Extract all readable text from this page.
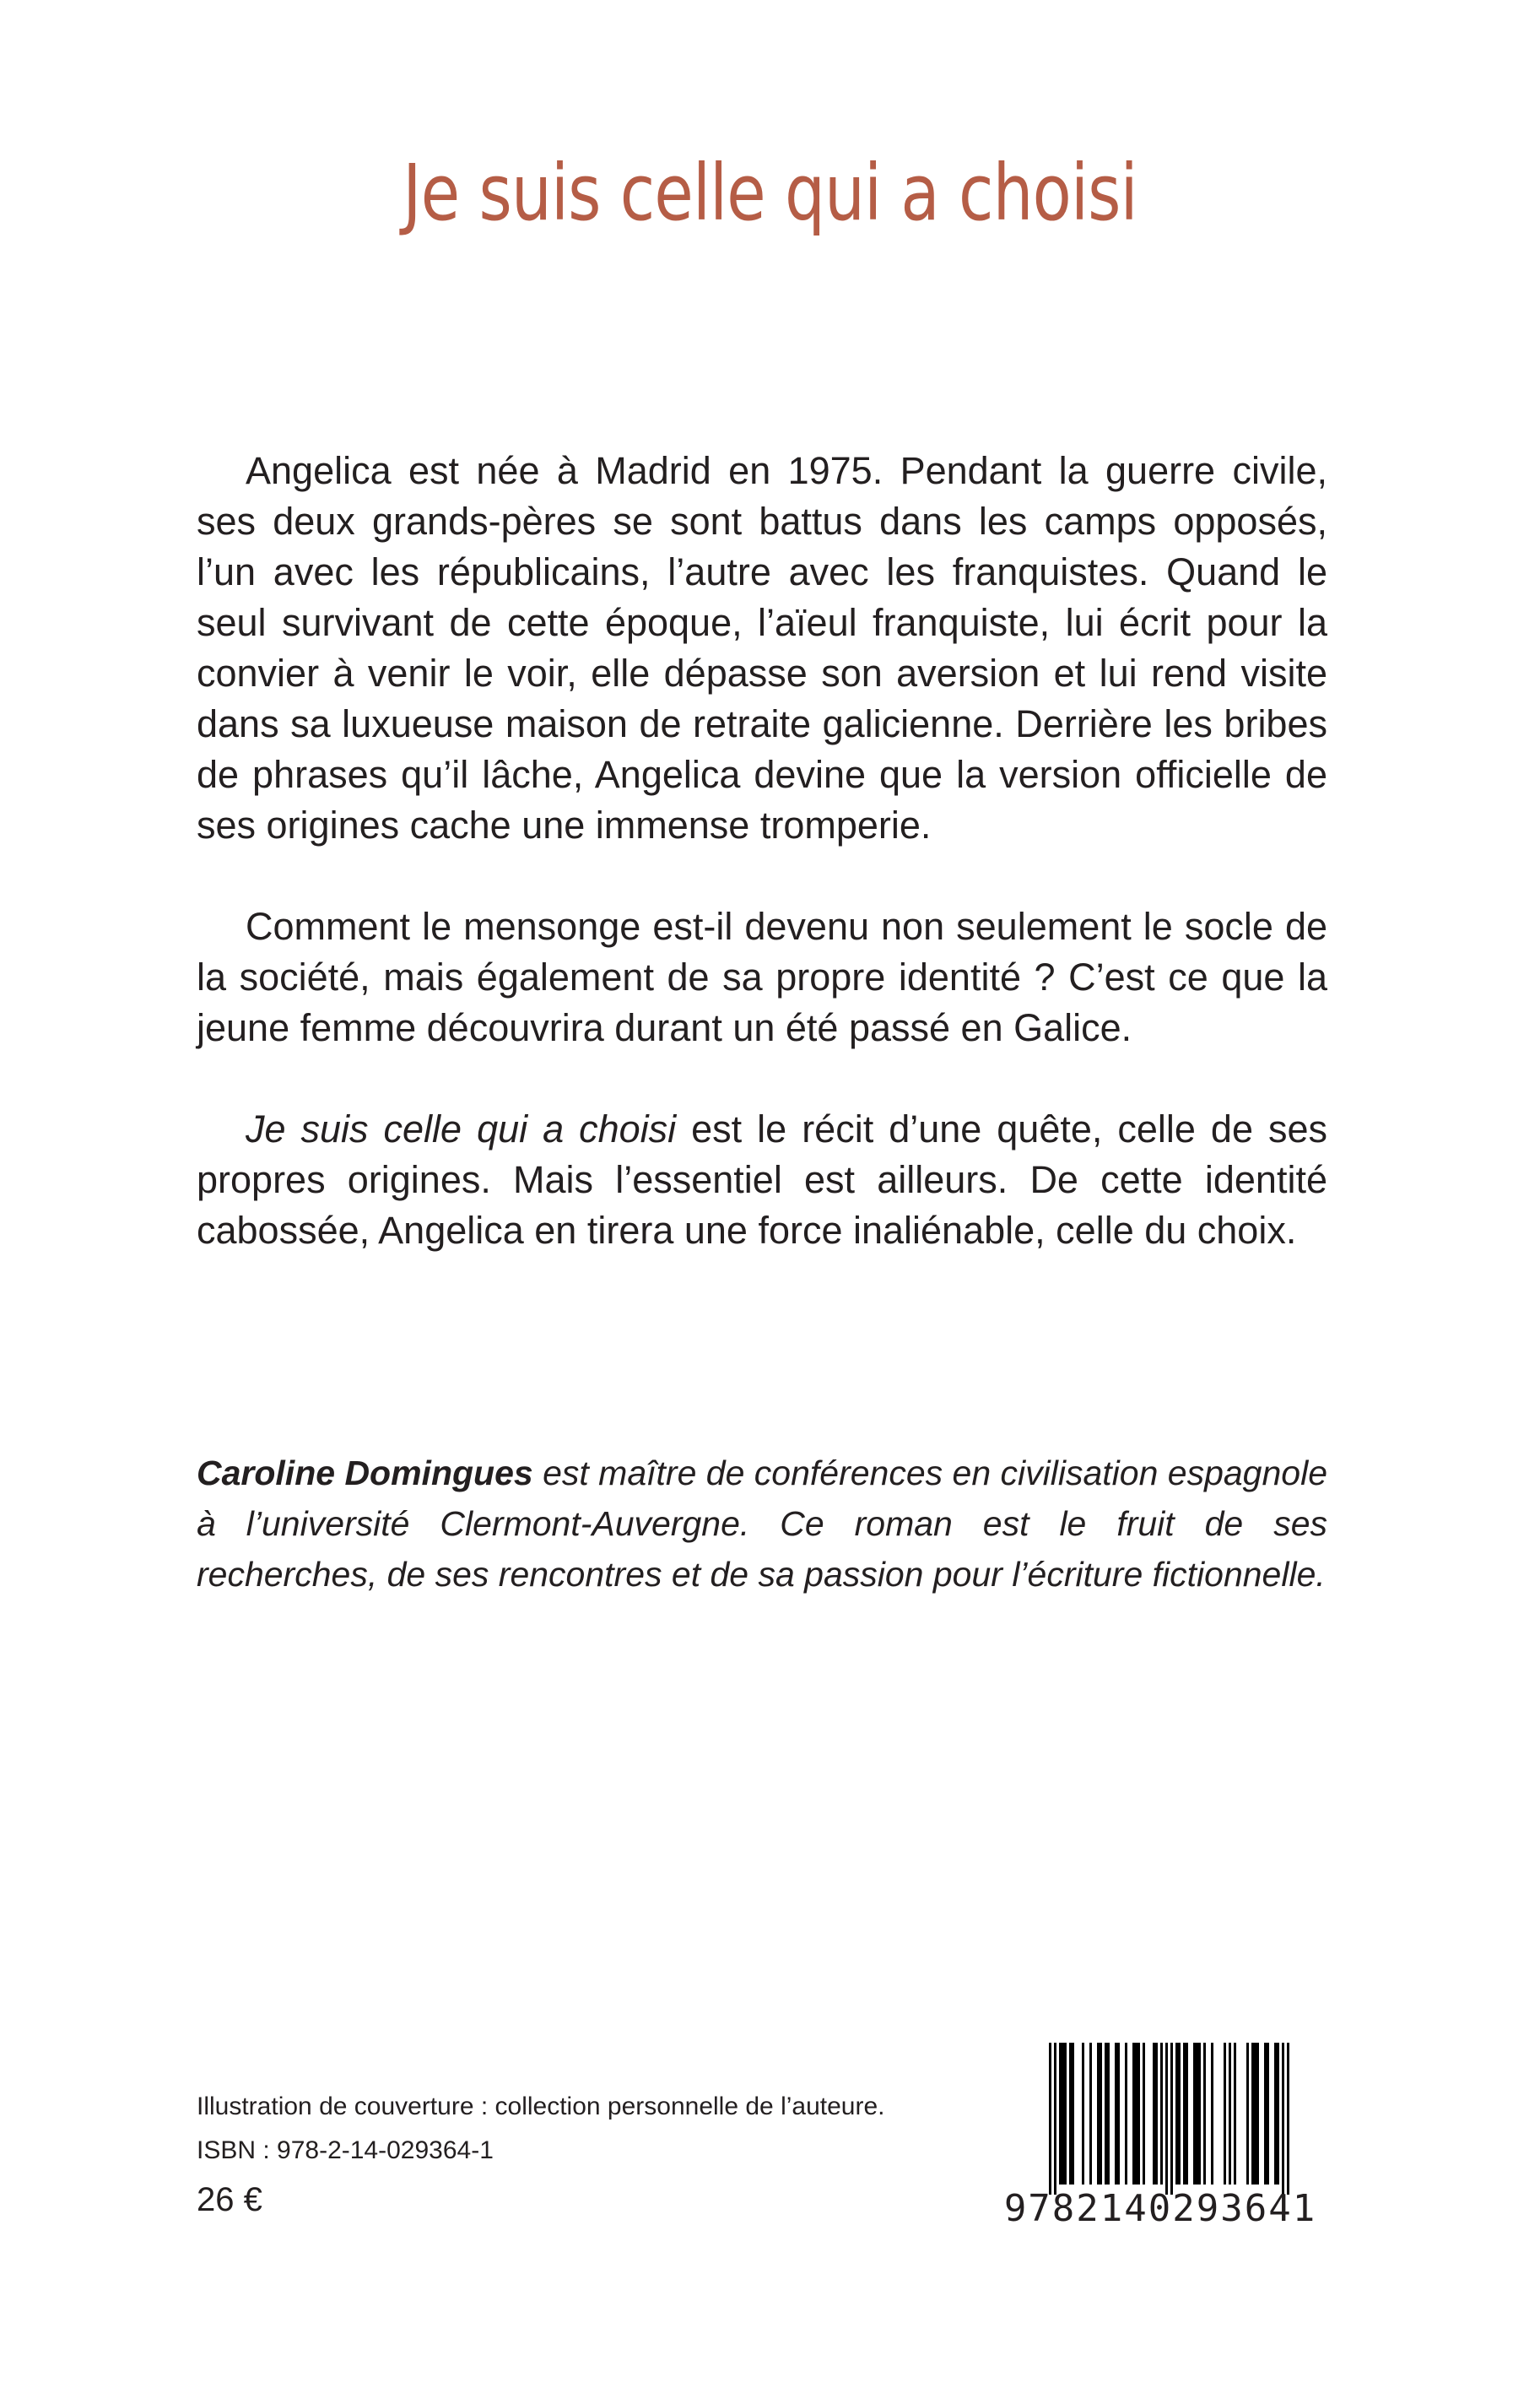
Je suis celle qui a choisi

Angelica est née à Madrid en 1975. Pendant la guerre civile, ses deux grands-pères se sont battus dans les camps opposés, l’un avec les républicains, l’autre avec les franquistes. Quand le seul survivant de cette époque, l’aïeul franquiste, lui écrit pour la convier à venir le voir, elle dépasse son aversion et lui rend visite dans sa luxueuse maison de retraite galicienne. Derrière les bribes de phrases qu’il lâche, Angelica devine que la version officielle de ses origines cache une immense tromperie.

Comment le mensonge est-il devenu non seulement le socle de la société, mais également de sa propre identité ? C’est ce que la jeune femme découvrira durant un été passé en Galice.

Je suis celle qui a choisi est le récit d’une quête, celle de ses propres origines. Mais l’essentiel est ailleurs. De cette identité cabossée, Angelica en tirera une force inaliénable, celle du choix.

Caroline Domingues est maître de conférences en civilisation espagnole à l’université Clermont-Auvergne. Ce roman est le fruit de ses recherches, de ses rencontres et de sa passion pour l’écriture fictionnelle.

Illustration de couverture : collection personnelle de l’auteure.
ISBN : 978-2-14-029364-1
26 €	9782140293641
